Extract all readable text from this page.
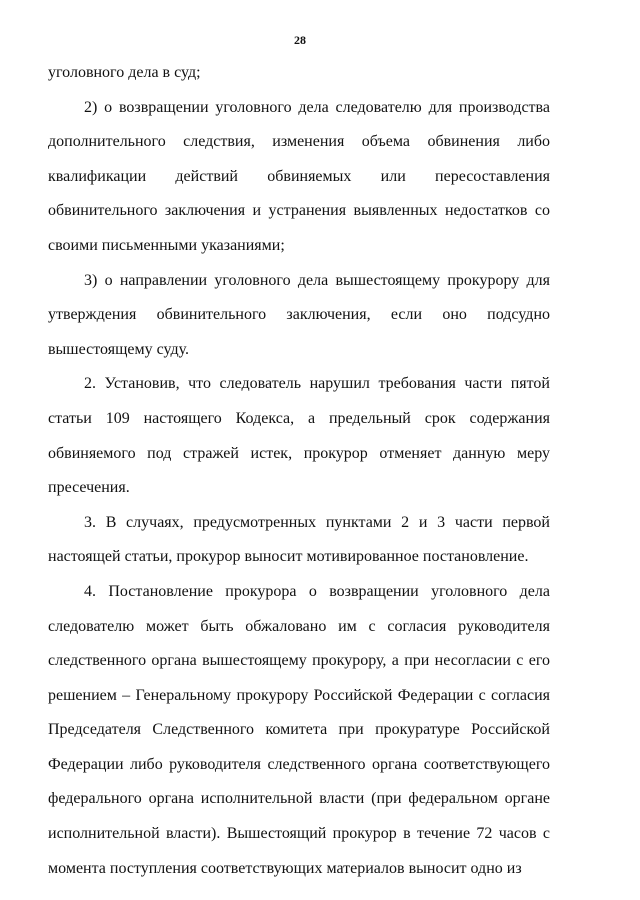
28

уголовного дела в суд;

2) о возвращении уголовного дела следователю для производства дополнительного следствия, изменения объема обвинения либо квалификации действий обвиняемых или пересоставления обвинительного заключения и устранения выявленных недостатков со своими письменными указаниями;

3) о направлении уголовного дела вышестоящему прокурору для утверждения обвинительного заключения, если оно подсудно вышестоящему суду.

2. Установив, что следователь нарушил требования части пятой статьи 109 настоящего Кодекса, а предельный срок содержания обвиняемого под стражей истек, прокурор отменяет данную меру пресечения.

3. В случаях, предусмотренных пунктами 2 и 3 части первой настоящей статьи, прокурор выносит мотивированное постановление.

4. Постановление прокурора о возвращении уголовного дела следователю может быть обжаловано им с согласия руководителя следственного органа вышестоящему прокурору, а при несогласии с его решением – Генеральному прокурору Российской Федерации с согласия Председателя Следственного комитета при прокуратуре Российской Федерации либо руководителя следственного органа соответствующего федерального органа исполнительной власти (при федеральном органе исполнительной власти). Вышестоящий прокурор в течение 72 часов с момента поступления соответствующих материалов выносит одно из
